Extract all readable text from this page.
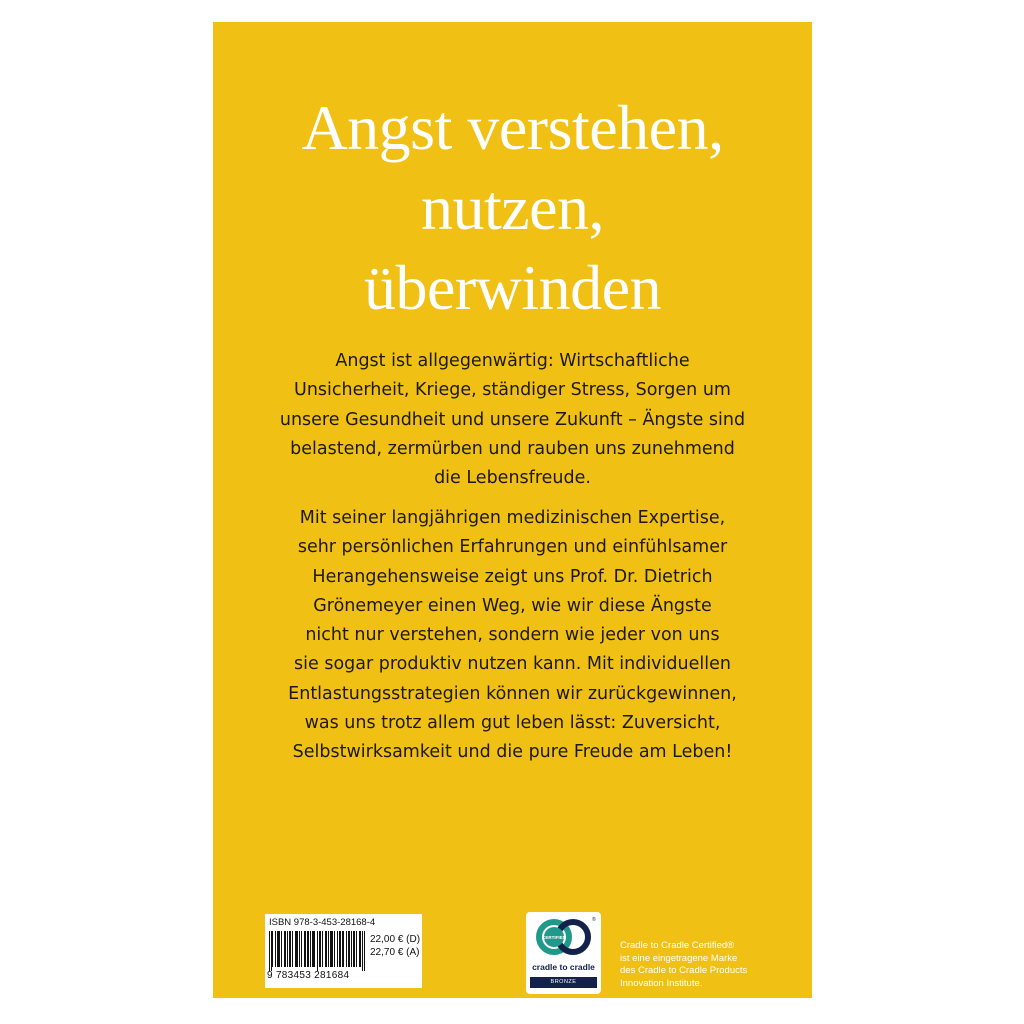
Angst verstehen,
nutzen,
überwinden
Angst ist allgegenwärtig: Wirtschaftliche
Unsicherheit, Kriege, ständiger Stress, Sorgen um
unsere Gesundheit und unsere Zukunft – Ängste sind
belastend, zermürben und rauben uns zunehmend
die Lebensfreude.
Mit seiner langjährigen medizinischen Expertise,
sehr persönlichen Erfahrungen und einfühlsamer
Herangehensweise zeigt uns Prof. Dr. Dietrich
Grönemeyer einen Weg, wie wir diese Ängste
nicht nur verstehen, sondern wie jeder von uns
sie sogar produktiv nutzen kann. Mit individuellen
Entlastungsstrategien können wir zurückgewinnen,
was uns trotz allem gut leben lässt: Zuversicht,
Selbstwirksamkeit und die pure Freude am Leben!
ISBN 978-3-453-28168-4
9 783453 281684
22,00 € (D)
22,70 € (A)
WWW.LUDWIG-VERLAG.DE
CERTIFIED
®
cradle to cradle
BRONZE
Cradle to Cradle Certified®
ist eine eingetragene Marke
des Cradle to Cradle Products
Innovation Institute.
